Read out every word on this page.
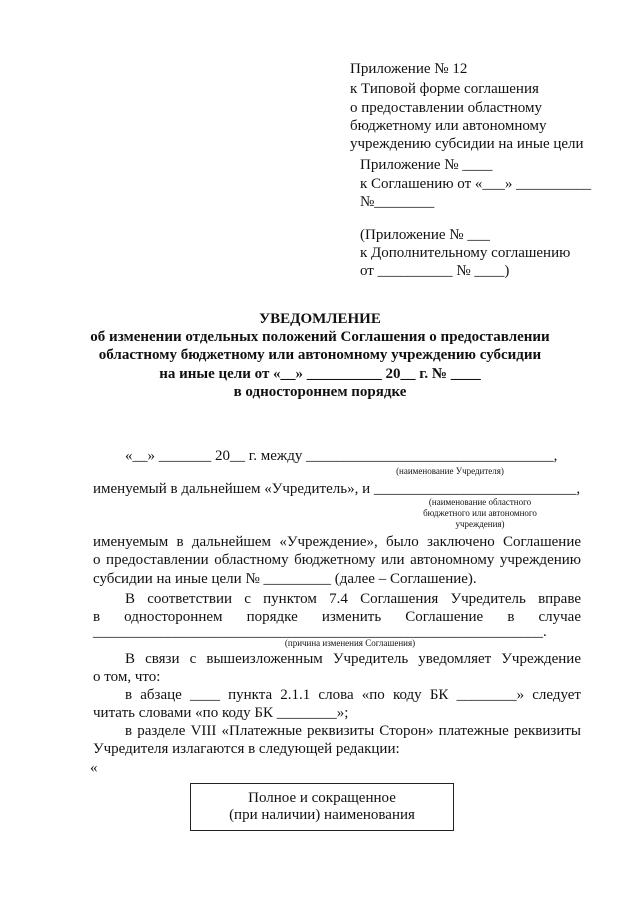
Приложение № 12
к Типовой форме соглашения
о предоставлении областному
бюджетному или автономному
учреждению субсидии на иные цели
Приложение № ____
к Соглашению от «___» __________
№________
(Приложение № ___
к Дополнительному соглашению
от __________ № ____)
УВЕДОМЛЕНИЕ
об изменении отдельных положений Соглашения о предоставлении
областному бюджетному или автономному учреждению субсидии
на иные цели от «__» __________ 20__ г. № ____
в одностороннем порядке
«__» _______ 20__ г. между _________________________________,
(наименование Учредителя)
именуемый в дальнейшем «Учредитель», и ___________________________,
(наименование областного
бюджетного или автономного
учреждения)
именуемым в дальнейшем «Учреждение», было заключено Соглашение
о предоставлении областному бюджетному или автономному учреждению
субсидии на иные цели № _________ (далее – Соглашение).
В соответствии с пунктом 7.4 Соглашения Учредитель вправе
в одностороннем порядке изменить Соглашение в случае
____________________________________________________________.
(причина изменения Соглашения)
В связи с вышеизложенным Учредитель уведомляет Учреждение
о том, что:
в абзаце ____ пункта 2.1.1 слова «по коду БК ________» следует
читать словами «по коду БК ________»;
в разделе VIII «Платежные реквизиты Сторон» платежные реквизиты
Учредителя излагаются в следующей редакции:
«
Полное и сокращенное
(при наличии) наименования
